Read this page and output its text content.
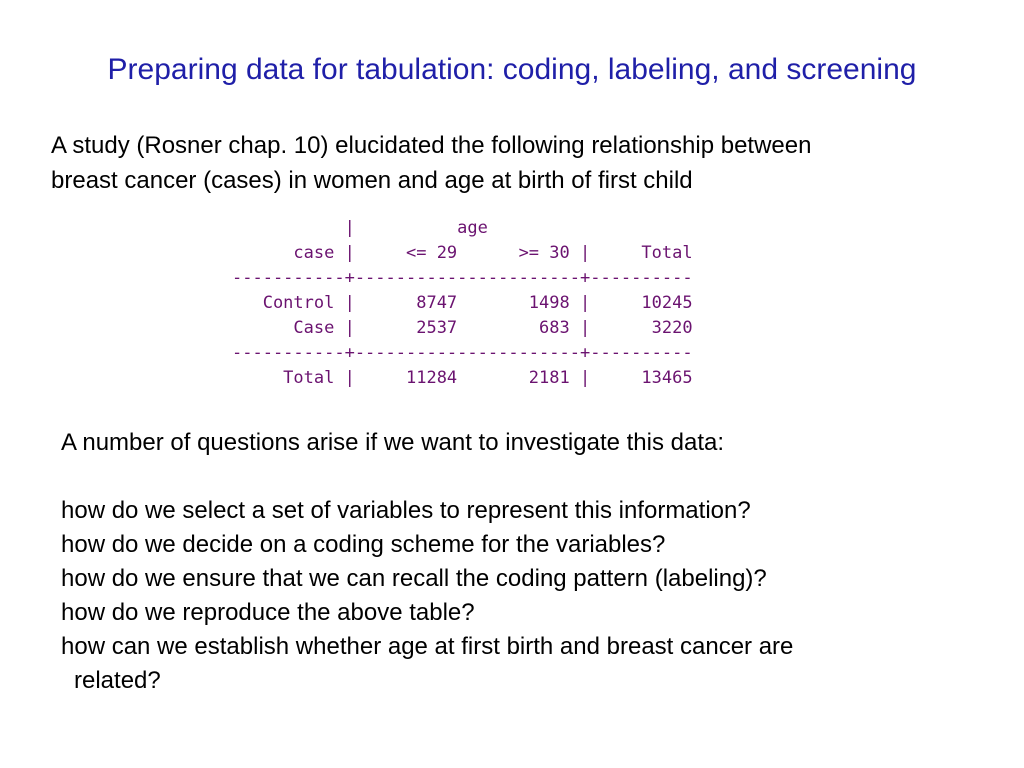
Preparing data for tabulation: coding, labeling, and screening
A study (Rosner chap. 10) elucidated the following relationship between
breast cancer (cases) in women and age at birth of first child
|          age
case |     <= 29      >= 30 |     Total
-----------+----------------------+----------
Control |      8747       1498 |     10245
Case |      2537        683 |      3220
-----------+----------------------+----------
Total |     11284       2181 |     13465
A number of questions arise if we want to investigate this data:
how do we select a set of variables to represent this information?
how do we decide on a coding scheme for the variables?
how do we ensure that we can recall the coding pattern (labeling)?
how do we reproduce the above table?
how can we establish whether age at first birth and breast cancer are
related?
